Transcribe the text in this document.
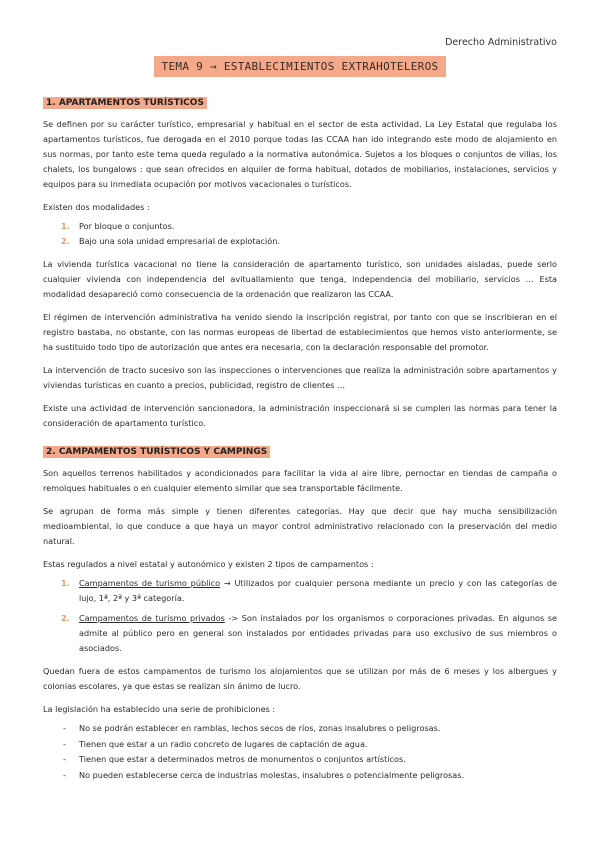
Derecho Administrativo
TEMA 9 → ESTABLECIMIENTOS EXTRAHOTELEROS
1. APARTAMENTOS TURÍSTICOS

Se definen por su carácter turístico, empresarial y habitual en el sector de esta actividad. La Ley Estatal que regulaba los apartamentos turísticos, fue derogada en el 2010 porque todas las CCAA han ido integrando este modo de alojamiento en sus normas, por tanto este tema queda regulado a la normativa autonómica. Sujetos a los bloques o conjuntos de villas, los chalets, los bungalows : que sean ofrecidos en alquiler de forma habitual, dotados de mobiliarios, instalaciones, servicios y equipos para su inmediata ocupación por motivos vacacionales o turísticos.

Existen dos modalidades :

1. Por bloque o conjuntos.
2. Bajo una sola unidad empresarial de explotación.

La vivienda turística vacacional no tiene la consideración de apartamento turístico, son unidades aisladas, puede serlo cualquier vivienda con independencia del avituallamiento que tenga, independencia del mobiliario, servicios … Esta modalidad desapareció como consecuencia de la ordenación que realizaron las CCAA.

El régimen de intervención administrativa ha venido siendo la inscripción registral, por tanto con que se inscribieran en el registro bastaba, no obstante, con las normas europeas de libertad de establecimientos que hemos visto anteriormente, se ha sustituido todo tipo de autorización que antes era necesaria, con la declaración responsable del promotor.

La intervención de tracto sucesivo son las inspecciones o intervenciones que realiza la administración sobre apartamentos y viviendas turísticas en cuanto a precios, publicidad, registro de clientes …

Existe una actividad de intervención sancionadora, la administración inspeccionará si se cumplen las normas para tener la consideración de apartamento turístico.

2. CAMPAMENTOS TURÍSTICOS Y CAMPINGS

Son aquellos terrenos habilitados y acondicionados para facilitar la vida al aire libre, pernoctar en tiendas de campaña o remolques habituales o en cualquier elemento similar que sea transportable fácilmente.

Se agrupan de forma más simple y tienen diferentes categorías. Hay que decir que hay mucha sensibilización medioambiental, lo que conduce a que haya un mayor control administrativo relacionado con la preservación del medio natural.

Estas regulados a nivel estatal y autonómico y existen 2 tipos de campamentos :

1. Campamentos de turismo público → Utilizados por cualquier persona mediante un precio y con las categorías de lujo, 1ª, 2ª y 3ª categoría.
2. Campamentos de turismo privados -> Son instalados por los organismos o corporaciones privadas. En algunos se admite al público pero en general son instalados por entidades privadas para uso exclusivo de sus miembros o asociados.

Quedan fuera de estos campamentos de turismo los alojamientos que se utilizan por más de 6 meses y los albergues y colonias escolares, ya que estas se realizan sin ánimo de lucro.

La legislación ha establecido una serie de prohibiciones :

- No se podrán establecer en ramblas, lechos secos de ríos, zonas insalubres o peligrosas.
- Tienen que estar a un radio concreto de lugares de captación de agua.
- Tienen que estar a determinados metros de monumentos o conjuntos artísticos.
- No pueden establecerse cerca de industrias molestas, insalubres o potencialmente peligrosas.
